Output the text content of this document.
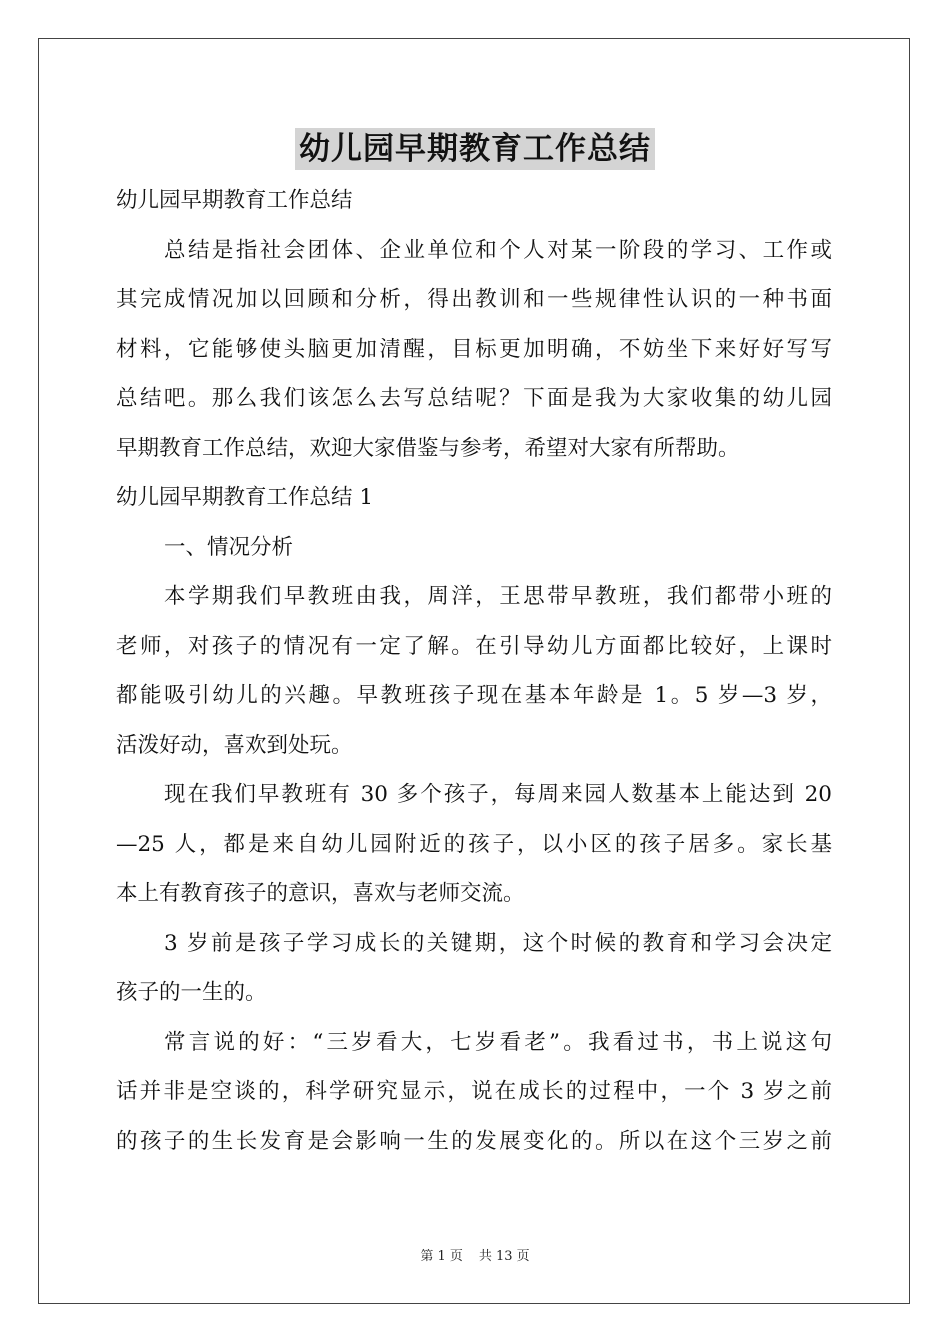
幼儿园早期教育工作总结
幼儿园早期教育工作总结
总结是指社会团体、企业单位和个人对某一阶段的学习、工作或
其完成情况加以回顾和分析，得出教训和一些规律性认识的一种书面
材料，它能够使头脑更加清醒，目标更加明确，不妨坐下来好好写写
总结吧。那么我们该怎么去写总结呢？下面是我为大家收集的幼儿园
早期教育工作总结，欢迎大家借鉴与参考，希望对大家有所帮助。
幼儿园早期教育工作总结 1
一、情况分析
本学期我们早教班由我，周洋，王思带早教班，我们都带小班的
老师，对孩子的情况有一定了解。在引导幼儿方面都比较好，上课时
都能吸引幼儿的兴趣。早教班孩子现在基本年龄是 1。5 岁—3 岁，
活泼好动，喜欢到处玩。
现在我们早教班有 30 多个孩子，每周来园人数基本上能达到 20
—25 人，都是来自幼儿园附近的孩子，以小区的孩子居多。家长基
本上有教育孩子的意识，喜欢与老师交流。
3 岁前是孩子学习成长的关键期，这个时候的教育和学习会决定
孩子的一生的。
常言说的好：“三岁看大，七岁看老”。我看过书，书上说这句
话并非是空谈的，科学研究显示，说在成长的过程中，一个 3 岁之前
的孩子的生长发育是会影响一生的发展变化的。所以在这个三岁之前
第 1 页 共 13 页
